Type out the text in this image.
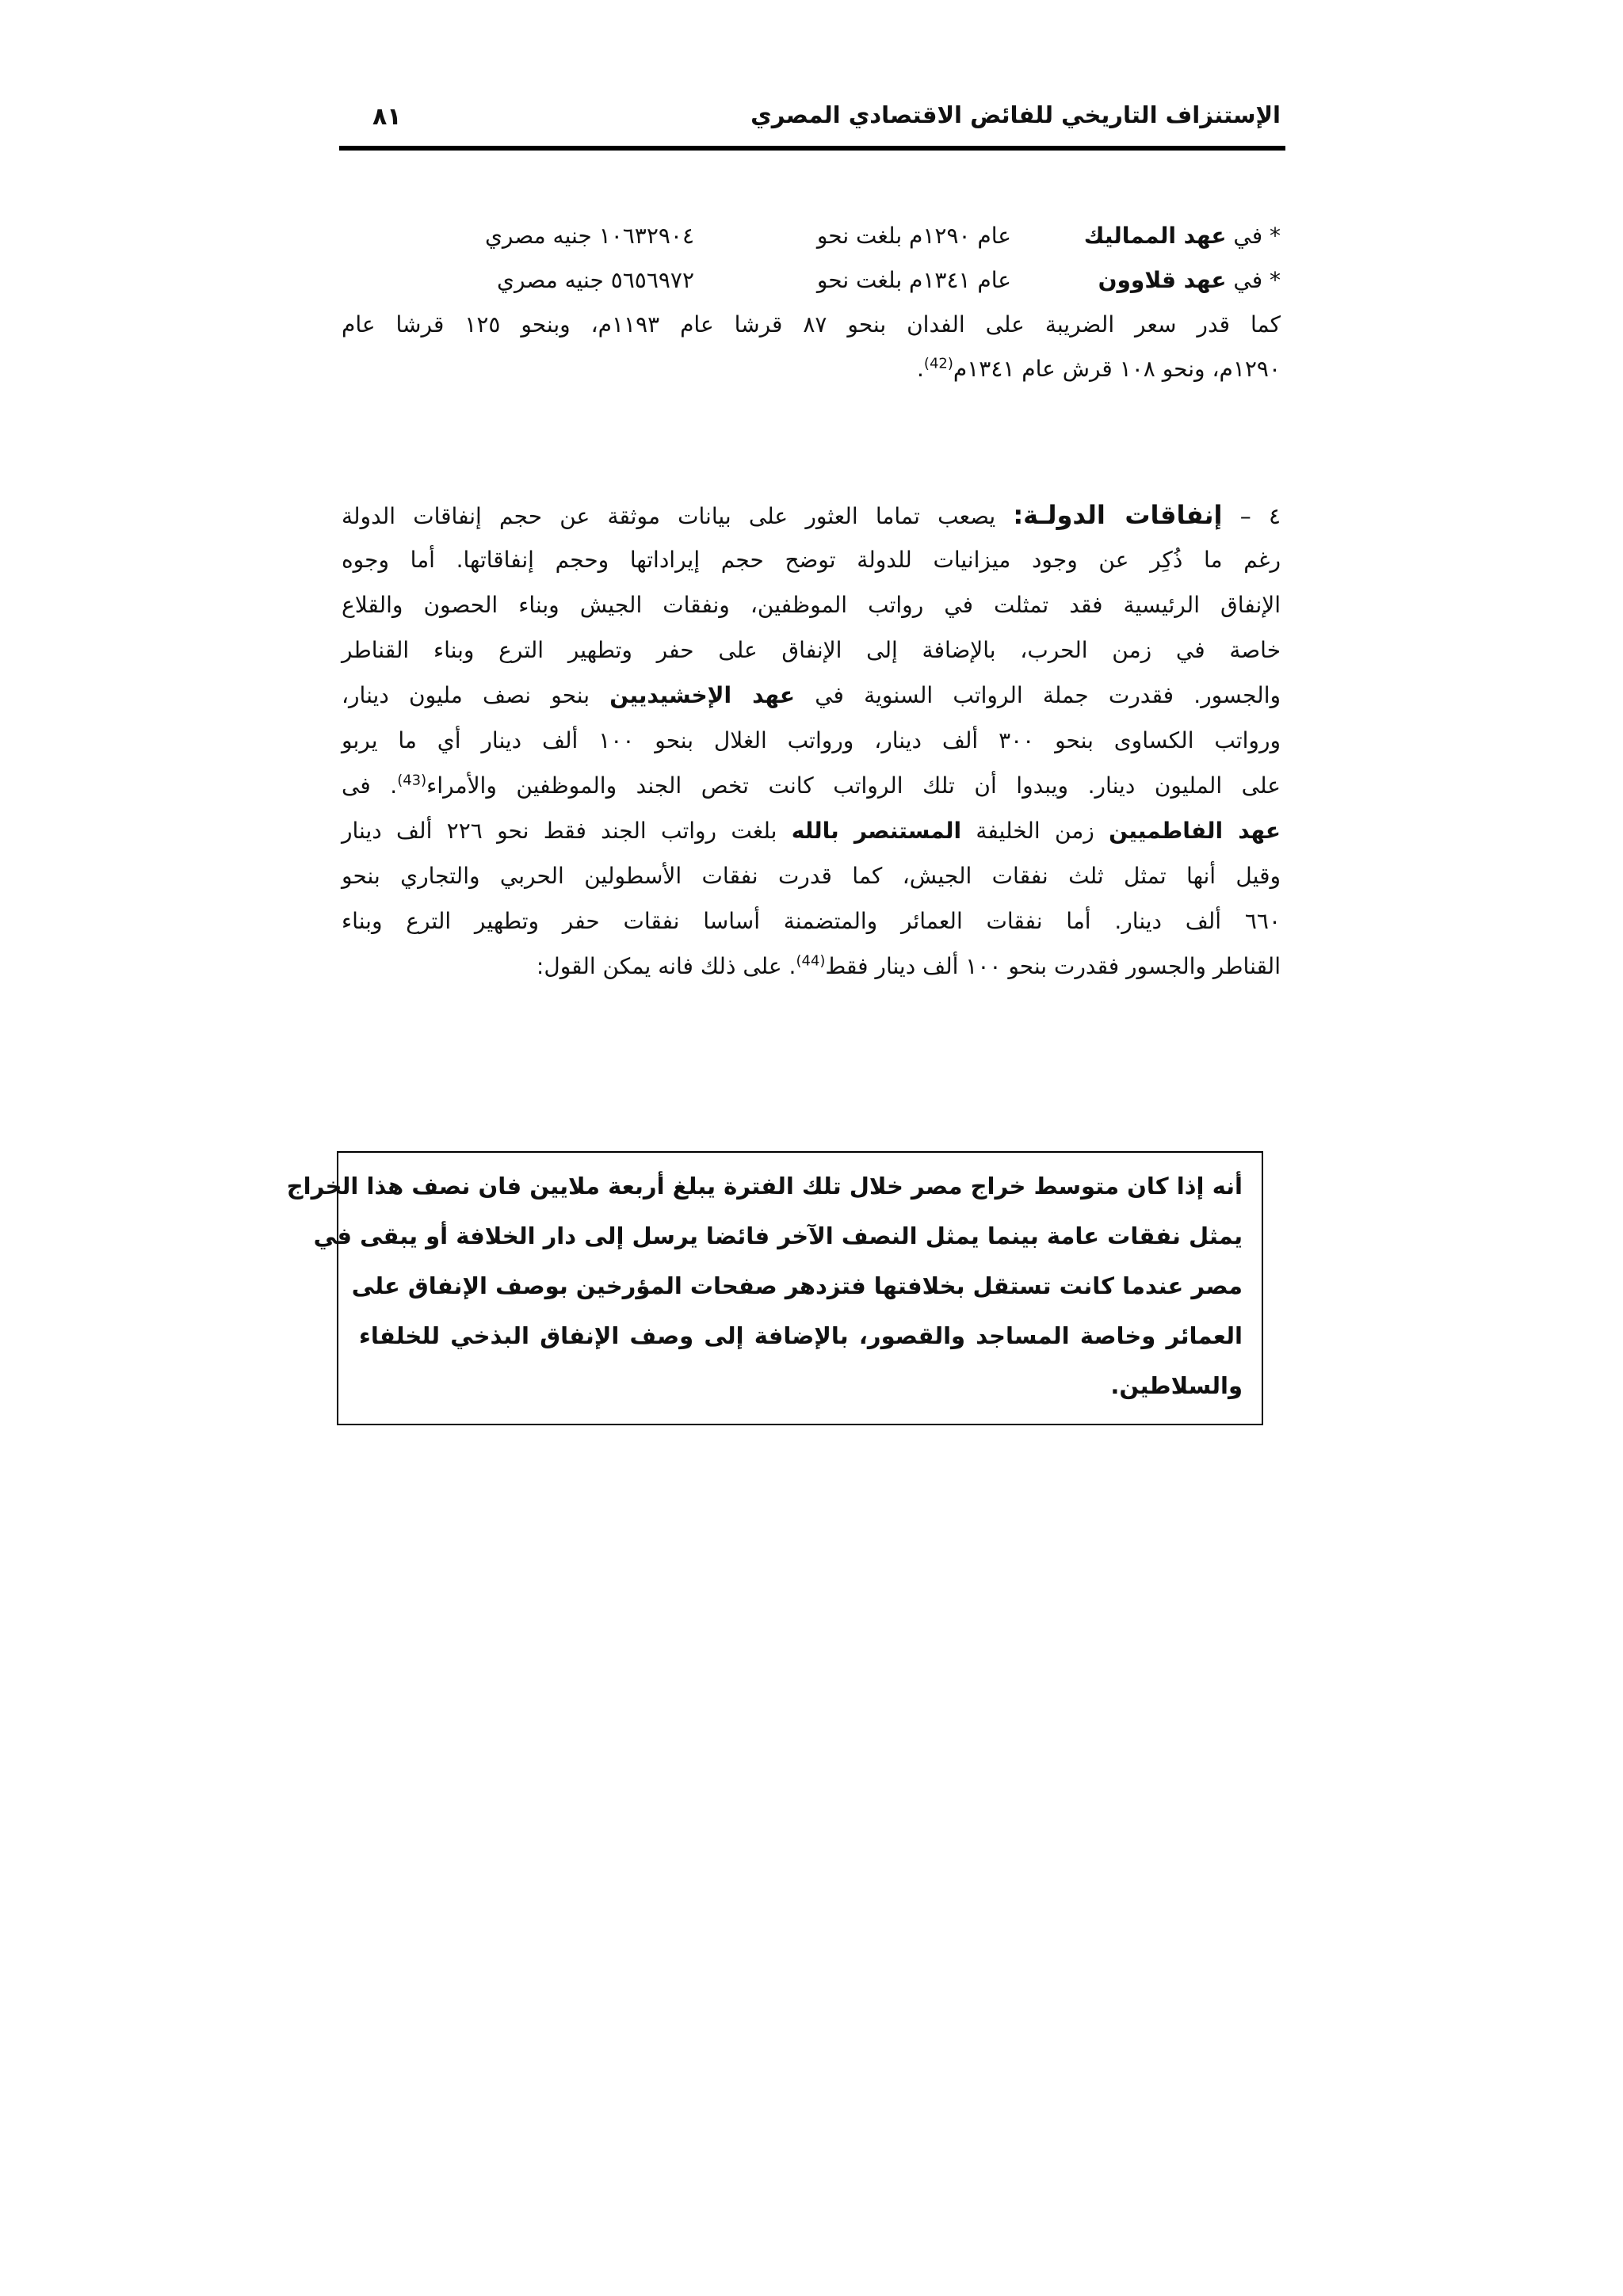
الإستنزاف التاريخي للفائض الاقتصادي المصري
٨١
* في عهد المماليك
عام ١٢٩٠م بلغت نحو
١٠٦٣٢٩٠٤ جنيه مصري
* في عهد قلاوون
عام ١٣٤١م بلغت نحو
٥٦٥٦٩٧٢ جنيه مصري
كما قدر سعر الضريبة على الفدان بنحو ٨٧ قرشا عام ١١٩٣م، وبنحو ١٢٥ قرشا عام
١٢٩٠م، ونحو ١٠٨ قرش عام ١٣٤١م$^{(42)}$.
٤ – إنفاقات الدولـة: يصعب تماما العثور على بيانات موثقة عن حجم إنفاقات الدولة
رغم ما ذُكِر عن وجود ميزانيات للدولة توضح حجم إيراداتها وحجم إنفاقاتها. أما وجوه
الإنفاق الرئيسية فقد تمثلت في رواتب الموظفين، ونفقات الجيش وبناء الحصون والقلاع
خاصة في زمن الحرب، بالإضافة إلى الإنفاق على حفر وتطهير الترع وبناء القناطر
والجسور. فقدرت جملة الرواتب السنوية في عهد الإخشيديين بنحو نصف مليون دينار،
ورواتب الكساوى بنحو ٣٠٠ ألف دينار، ورواتب الغلال بنحو ١٠٠ ألف دينار أي ما يربو
على المليون دينار. ويبدوا أن تلك الرواتب كانت تخص الجند والموظفين والأمراء$^{(43)}$. فى
عهد الفاطميين زمن الخليفة المستنصر بالله بلغت رواتب الجند فقط نحو ٢٢٦ ألف دينار
وقيل أنها تمثل ثلث نفقات الجيش، كما قدرت نفقات الأسطولين الحربي والتجاري بنحو
٦٦٠ ألف دينار. أما نفقات العمائر والمتضمنة أساسا نفقات حفر وتطهير الترع وبناء
القناطر والجسور فقدرت بنحو ١٠٠ ألف دينار فقط$^{(44)}$. على ذلك فانه يمكن القول:
أنه إذا كان متوسط خراج مصر خلال تلك الفترة يبلغ أربعة ملايين فان نصف هذا الخراج
يمثل نفقات عامة بينما يمثل النصف الآخر فائضا يرسل إلى دار الخلافة أو يبقى في
مصر عندما كانت تستقل بخلافتها فتزدهر صفحات المؤرخين بوصف الإنفاق على
العمائر وخاصة المساجد والقصور، بالإضافة إلى وصف الإنفاق البذخي للخلفاء
والسلاطين.
